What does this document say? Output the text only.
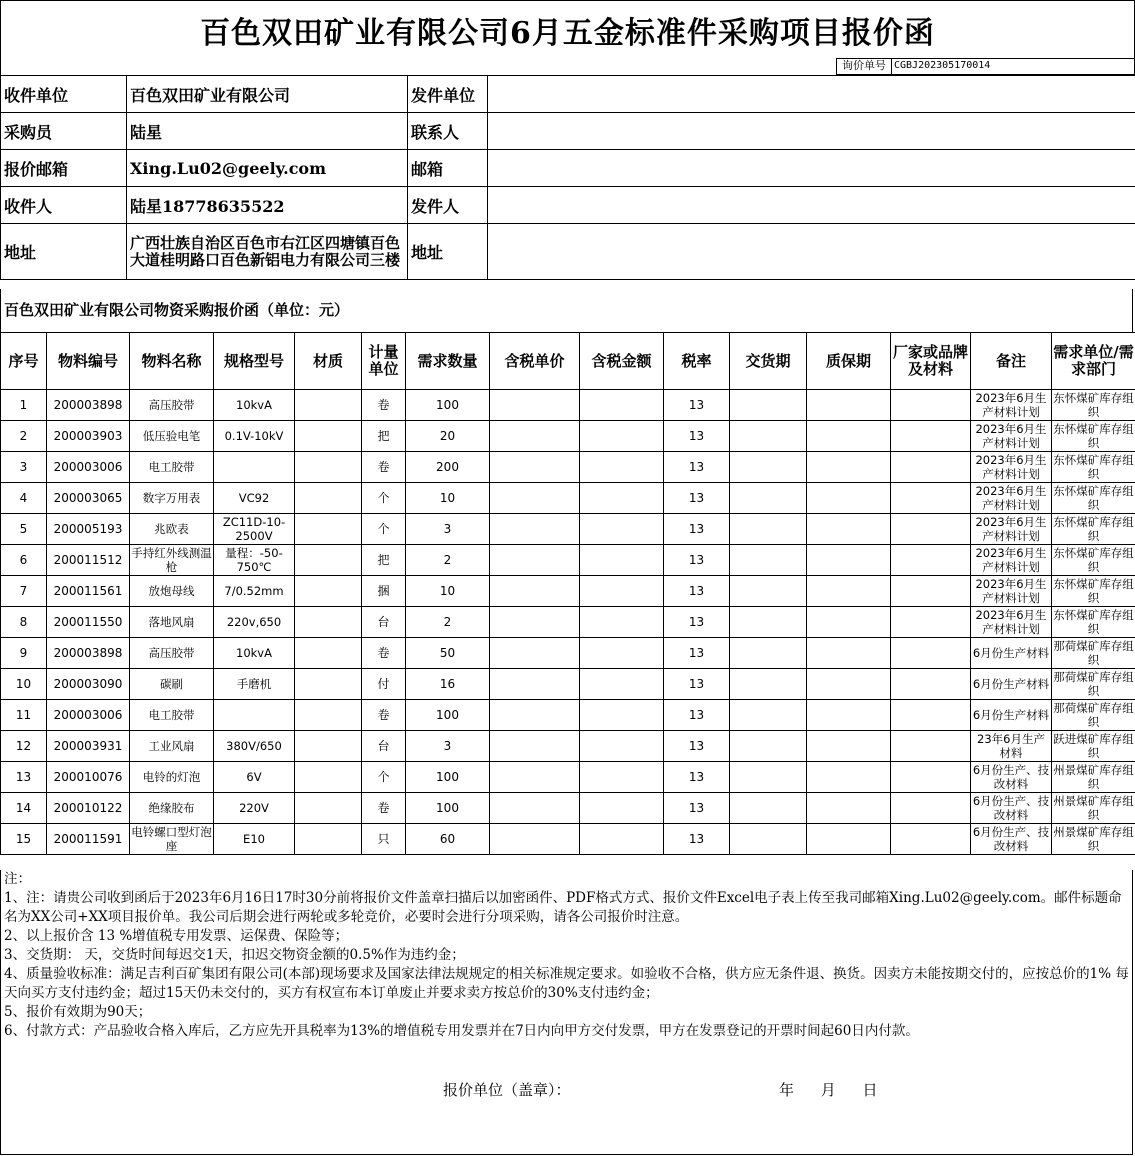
百色双田矿业有限公司6月五金标准件采购项目报价函
询价单号 CGBJ202305170014
收件单位	百色双田矿业有限公司	发件单位	
采购员	陆星	联系人	
报价邮箱	Xing.Lu02@geely.com	邮箱	
收件人	陆星18778635522	发件人	
地址	广西壮族自治区百色市右江区四塘镇百色大道桂明路口百色新铝电力有限公司三楼	地址	
百色双田矿业有限公司物资采购报价函（单位：元）
序号	物料编号	物料名称	规格型号	材质	计量单位	需求数量	含税单价	含税金额	税率	交货期	质保期	厂家或品牌及材料	备注	需求单位/需求部门
1	200003898	高压胶带	10kvA		卷	100			13				2023年6月生产材料计划	东怀煤矿库存组织
2	200003903	低压验电笔	0.1V-10kV		把	20			13				2023年6月生产材料计划	东怀煤矿库存组织
3	200003006	电工胶带			卷	200			13				2023年6月生产材料计划	东怀煤矿库存组织
4	200003065	数字万用表	VC92		个	10			13				2023年6月生产材料计划	东怀煤矿库存组织
5	200005193	兆欧表	ZC11D-10-2500V		个	3			13				2023年6月生产材料计划	东怀煤矿库存组织
6	200011512	手持红外线测温枪	量程：-50-750℃		把	2			13				2023年6月生产材料计划	东怀煤矿库存组织
7	200011561	放炮母线	7/0.52mm		捆	10			13				2023年6月生产材料计划	东怀煤矿库存组织
8	200011550	落地风扇	220v,650		台	2			13				2023年6月生产材料计划	东怀煤矿库存组织
9	200003898	高压胶带	10kvA		卷	50			13				6月份生产材料	那荷煤矿库存组织
10	200003090	碳刷	手磨机		付	16			13				6月份生产材料	那荷煤矿库存组织
11	200003006	电工胶带			卷	100			13				6月份生产材料	那荷煤矿库存组织
12	200003931	工业风扇	380V/650		台	3			13				23年6月生产材料	跃进煤矿库存组织
13	200010076	电铃的灯泡	6V		个	100			13				6月份生产、技改材料	州景煤矿库存组织
14	200010122	绝缘胶布	220V		卷	100			13				6月份生产、技改材料	州景煤矿库存组织
15	200011591	电铃螺口型灯泡座	E10		只	60			13				6月份生产、技改材料	州景煤矿库存组织

注：

1、注：请贵公司收到函后于2023年6月16日17时30分前将报价文件盖章扫描后以加密函件、PDF格式方式、报价文件Excel电子表上传至我司邮箱Xing.Lu02@geely.com。邮件标题命名为XX公司+XX项目报价单。我公司后期会进行两轮或多轮竞价，必要时会进行分项采购，请各公司报价时注意。

2、以上报价含 13 %增值税专用发票、运保费、保险等；

3、交货期： 天，交货时间每迟交1天，扣迟交物资金额的0.5%作为违约金；

4、质量验收标准：满足吉利百矿集团有限公司(本部)现场要求及国家法律法规规定的相关标准规定要求。如验收不合格，供方应无条件退、换货。因卖方未能按期交付的，应按总价的1% 每天向买方支付违约金；超过15天仍未交付的，买方有权宣布本订单废止并要求卖方按总价的30%支付违约金；

5、报价有效期为90天；

6、付款方式：产品验收合格入库后，乙方应先开具税率为13%的增值税专用发票并在7日内向甲方交付发票，甲方在发票登记的开票时间起60日内付款。

报价单位（盖章）：	年 月 日
